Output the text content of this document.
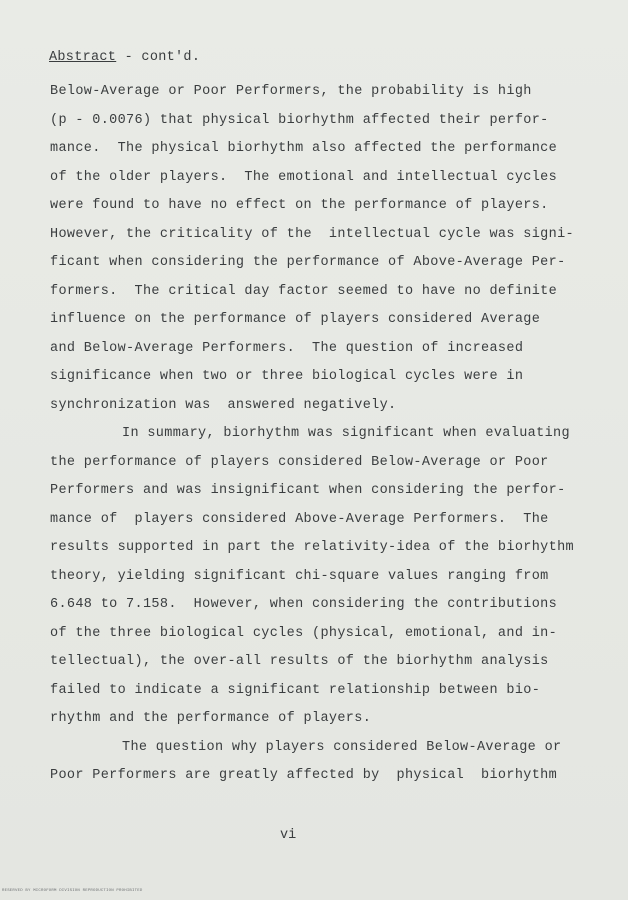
Abstract - cont'd.
Below-Average or Poor Performers, the probability is high
(p - 0.0076) that physical biorhythm affected their perfor-
mance.  The physical biorhythm also affected the performance
of the older players.  The emotional and intellectual cycles
were found to have no effect on the performance of players.
However, the criticality of the  intellectual cycle was signi-
ficant when considering the performance of Above-Average Per-
formers.  The critical day factor seemed to have no definite
influence on the performance of players considered Average
and Below-Average Performers.  The question of increased
significance when two or three biological cycles were in
synchronization was  answered negatively.
In summary, biorhythm was significant when evaluating
the performance of players considered Below-Average or Poor
Performers and was insignificant when considering the perfor-
mance of  players considered Above-Average Performers.  The
results supported in part the relativity-idea of the biorhythm
theory, yielding significant chi-square values ranging from
6.648 to 7.158.  However, when considering the contributions
of the three biological cycles (physical, emotional, and in-
tellectual), the over-all results of the biorhythm analysis
failed to indicate a significant relationship between bio-
rhythm and the performance of players.
The question why players considered Below-Average or
Poor Performers are greatly affected by  physical  biorhythm
vi
RESERVED BY MICROFORM DIVISION REPRODUCTION PROHIBITED
